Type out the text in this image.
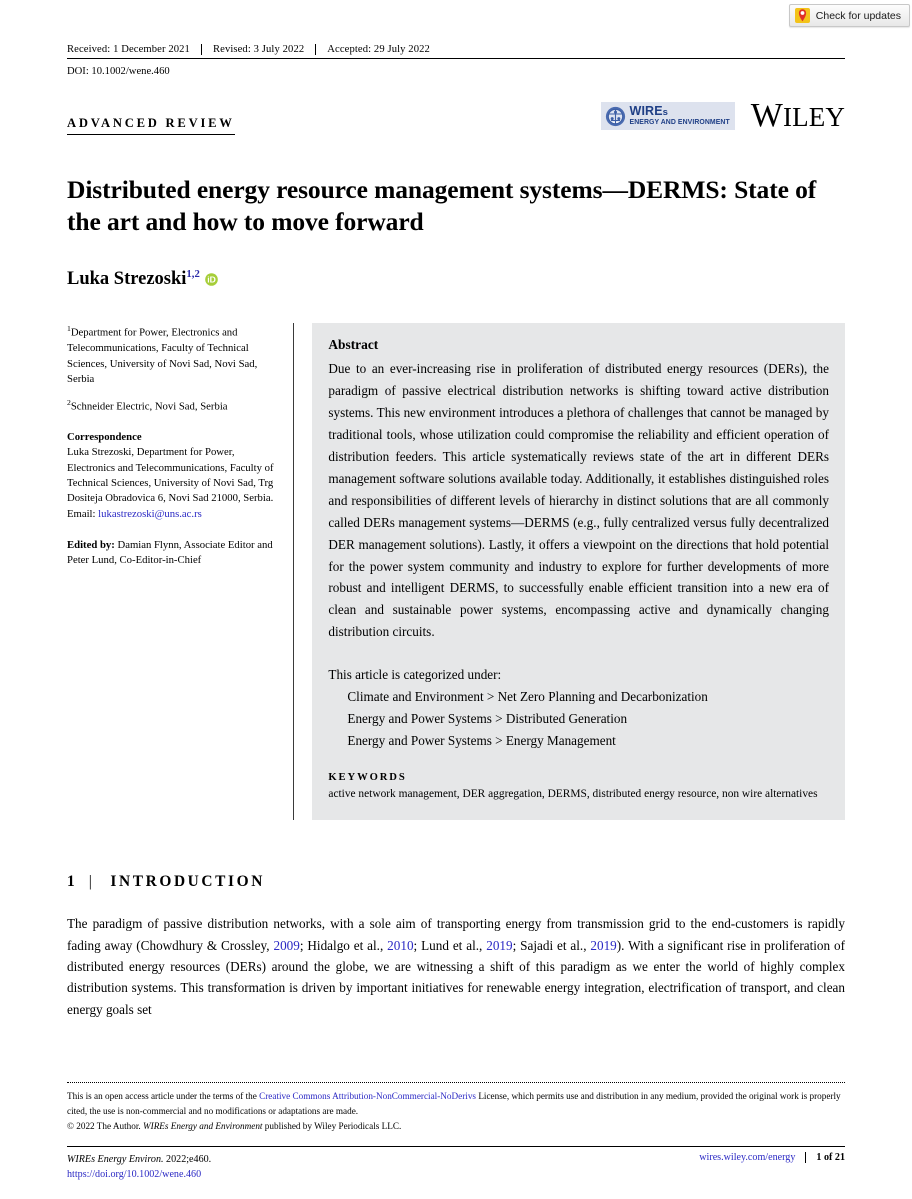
Check for updates
Received: 1 December 2021	Revised: 3 July 2022	Accepted: 29 July 2022
DOI: 10.1002/wene.460
ADVANCED REVIEW
WIREs
ENERGY AND ENVIRONMENT WILEY
Distributed energy resource management systems—DERMS: State of the art and how to move forward
Luka Strezoski$^{1,2}$ iD

$^1$Department for Power, Electronics and Telecommunications, Faculty of Technical Sciences, University of Novi Sad, Novi Sad, Serbia

$^2$Schneider Electric, Novi Sad, Serbia

Correspondence
Luka Strezoski, Department for Power, Electronics and Telecommunications, Faculty of Technical Sciences, University of Novi Sad, Trg Dositeja Obradovica 6, Novi Sad 21000, Serbia.
Email: lukastrezoski@uns.ac.rs

Edited by: Damian Flynn, Associate Editor and Peter Lund, Co-Editor-in-Chief

Abstract

Due to an ever-increasing rise in proliferation of distributed energy resources (DERs), the paradigm of passive electrical distribution networks is shifting toward active distribution systems. This new environment introduces a plethora of challenges that cannot be managed by traditional tools, whose utilization could compromise the reliability and efficient operation of distribution feeders. This article systematically reviews state of the art in different DERs management software solutions available today. Additionally, it establishes distinguished roles and responsibilities of different levels of hierarchy in distinct solutions that are all commonly called DERs management systems—DERMS (e.g., fully centralized versus fully decentralized DER management solutions). Lastly, it offers a viewpoint on the directions that hold potential for the power system community and industry to explore for further developments of more robust and intelligent DERMS, to successfully enable efficient transition into a new era of clean and sustainable power systems, encompassing active and dynamically changing distribution circuits.

This article is categorized under:

Climate and Environment > Net Zero Planning and Decarbonization
Energy and Power Systems > Distributed Generation
Energy and Power Systems > Energy Management
KEYWORDS

active network management, DER aggregation, DERMS, distributed energy resource, non wire alternatives

1 | INTRODUCTION

The paradigm of passive distribution networks, with a sole aim of transporting energy from transmission grid to the end-customers is rapidly fading away (Chowdhury & Crossley, 2009; Hidalgo et al., 2010; Lund et al., 2019; Sajadi et al., 2019). With a significant rise in proliferation of distributed energy resources (DERs) around the globe, we are witnessing a shift of this paradigm as we enter the world of highly complex distribution systems. This transformation is driven by important initiatives for renewable energy integration, electrification of transport, and clean energy goals set

This is an open access article under the terms of the Creative Commons Attribution-NonCommercial-NoDerivs License, which permits use and distribution in any medium, provided the original work is properly cited, the use is non-commercial and no modifications or adaptations are made.
© 2022 The Author. WIREs Energy and Environment published by Wiley Periodicals LLC.
WIREs Energy Environ. 2022;e460.
https://doi.org/10.1002/wene.460
wires.wiley.com/energy	1 of 21
